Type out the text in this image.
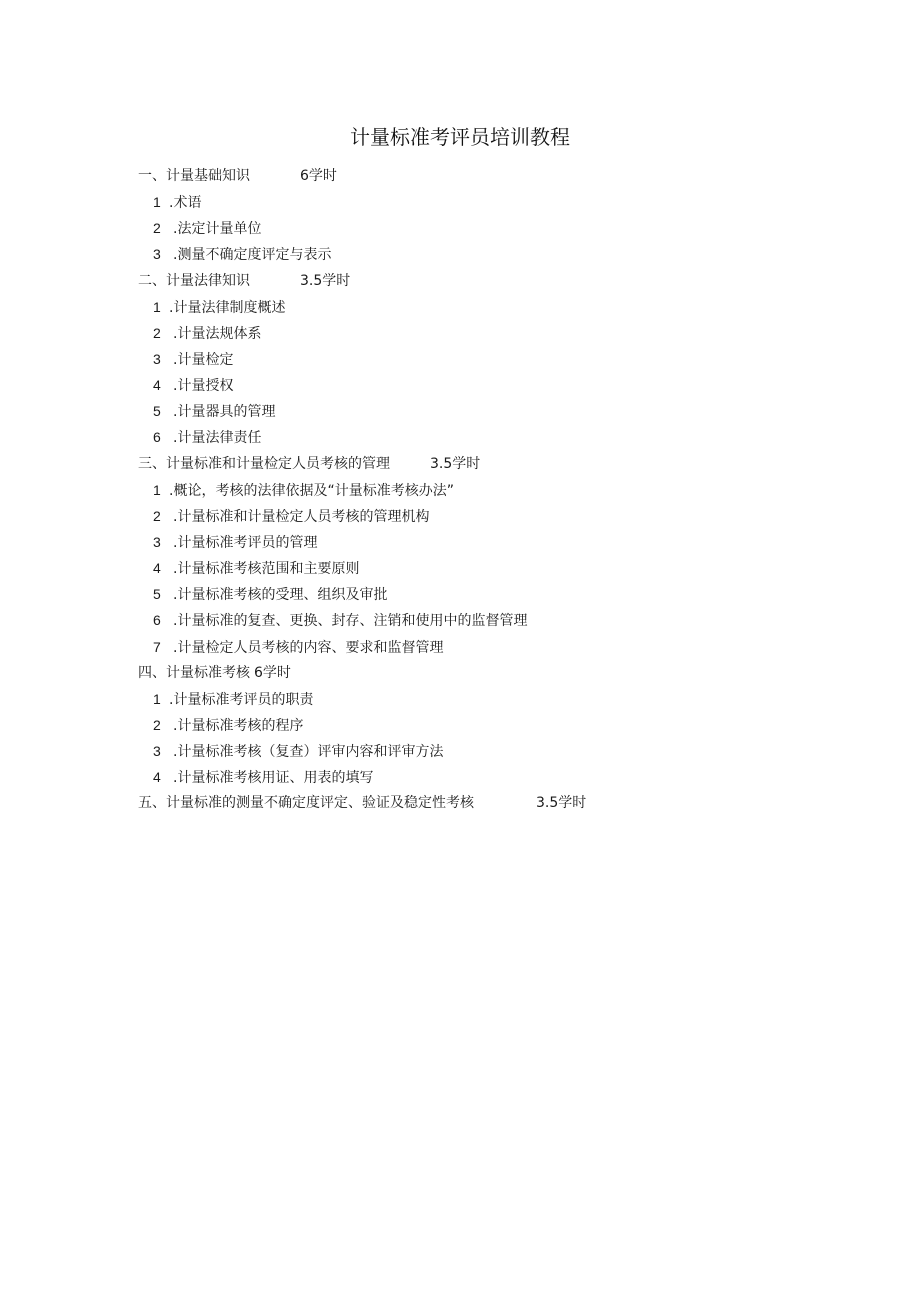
计量标准考评员培训教程
一、计量基础知识	6学时
1 .术语
2 .法定计量单位
3 .测量不确定度评定与表示
二、计量法律知识	3.5学时
1 .计量法律制度概述
2 .计量法规体系
3 .计量检定
4 .计量授权
5 .计量器具的管理
6 .计量法律责任
三、计量标准和计量检定人员考核的管理	3.5学时
1 .概论，考核的法律依据及“计量标准考核办法”
2 .计量标准和计量检定人员考核的管理机构
3 .计量标准考评员的管理
4 .计量标准考核范围和主要原则
5 .计量标准考核的受理、组织及审批
6 .计量标准的复查、更换、封存、注销和使用中的监督管理
7 .计量检定人员考核的内容、要求和监督管理
四、计量标准考核 6学时
1 .计量标准考评员的职责
2 .计量标准考核的程序
3 .计量标准考核（复查）评审内容和评审方法
4 .计量标准考核用证、用表的填写
五、计量标准的测量不确定度评定、验证及稳定性考核	3.5学时
